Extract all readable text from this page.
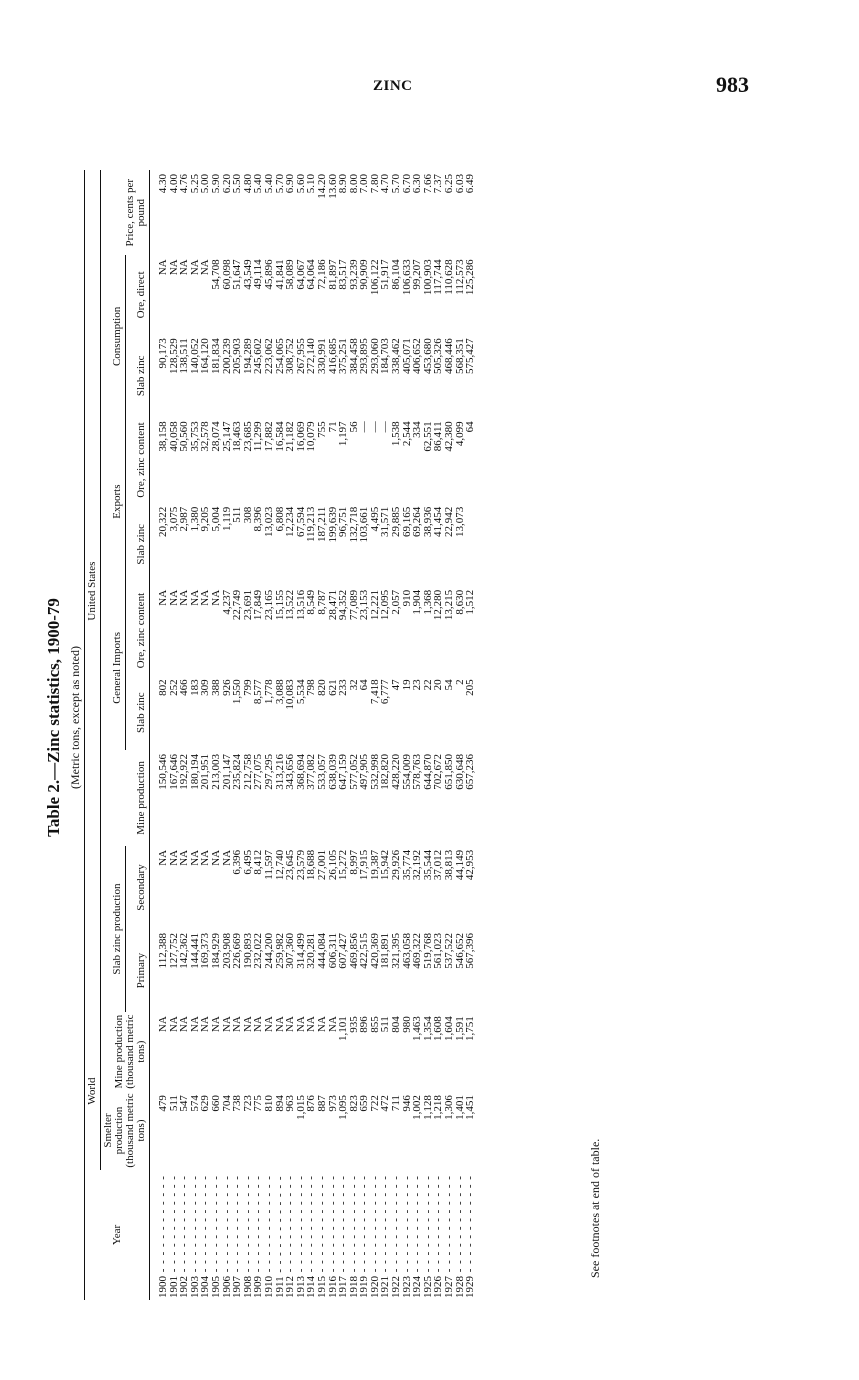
ZINC	983
Table 2.—Zinc statistics, 1900-79 (Metric tons, except as noted)
Year	World		United States									
	Smelter production (thousand metric tons)	Mine production (thousand metric tons)	Slab zinc production		Mine production	General Imports		Exports		Consumption		Price, cents per pound
			Primary	Secondary		Slab zinc	Ore, zinc content	Slab zinc	Ore, zinc content	Slab zinc	Ore, direct	
1900 - - - - - - - - - - - -	479	NA	112,388	NA	150,546	802	NA	20,322	38,158	90,173	NA	4.30
1901 - - - - - - - - - - - -	511	NA	127,752	NA	167,646	252	NA	3,075	40,058	128,529	NA	4.00
1902 - - - - - - - - - - - -	547	NA	142,362	NA	192,922	466	NA	2,987	50,560	138,511	NA	4.76
1903 - - - - - - - - - - - -	574	NA	144,441	NA	180,194	183	NA	1,380	35,753	140,052	NA	5.25
1904 - - - - - - - - - - - -	629	NA	169,373	NA	201,951	309	NA	9,205	32,578	164,120	NA	5.00
1905 - - - - - - - - - - - -	660	NA	184,929	NA	213,003	388	NA	5,004	28,074	181,834	54,708	5.90
1906 - - - - - - - - - - - -	704	NA	203,908	NA	201,147	926	4,237	1,119	25,147	200,239	60,098	6.20
1907 - - - - - - - - - - - -	738	NA	226,669	6,396	235,824	1,550	22,749	511	18,463	205,903	51,647	5.50
1908 - - - - - - - - - - - -	723	NA	190,893	6,495	212,758	799	23,691	308	23,685	194,289	43,549	4.80
1909 - - - - - - - - - - - -	775	NA	232,022	8,412	277,075	8,577	17,849	8,396	11,299	245,602	49,114	5.40
1910 - - - - - - - - - - - -	810	NA	244,200	11,597	297,295	1,778	23,165	13,023	17,882	223,062	45,896	5.40
1911 - - - - - - - - - - - -	894	NA	259,982	12,740	313,216	3,088	15,155	6,808	16,584	254,065	41,841	5.70
1912 - - - - - - - - - - - -	963	NA	307,360	23,645	343,656	10,083	13,522	12,234	21,182	308,752	58,089	6.90
1913 - - - - - - - - - - - -	1,015	NA	314,499	23,579	368,694	5,534	13,516	67,594	16,069	267,955	64,067	5.60
1914 - - - - - - - - - - - -	876	NA	320,281	18,688	377,082	798	8,549	119,213	10,079	272,140	64,064	5.10
1915 - - - - - - - - - - - -	887	NA	444,084	27,001	533,057	820	8,787	187,211	755	330,991	72,186	14.20
1916 - - - - - - - - - - - -	973	NA	606,311	26,105	638,039	621	28,471	199,639	71	416,685	81,897	13.60
1917 - - - - - - - - - - - -	1,095	1,101	607,427	15,272	647,159	233	94,352	96,751	1,197	375,251	83,517	8.90
1918 - - - - - - - - - - - -	823	935	469,856	8,997	577,052	32	77,089	132,718	56	384,458	93,239	8.00
1919 - - - - - - - - - - - -	659	896	422,515	17,915	497,905	64	23,153	103,661	—	293,895	90,909	7.00
1920 - - - - - - - - - - - -	722	855	420,369	19,387	532,998	7,418	12,221	4,495	—	293,060	106,122	7.80
1921 - - - - - - - - - - - -	472	511	181,891	15,942	182,820	6,777	12,095	31,571	—	184,703	51,917	4.70
1922 - - - - - - - - - - - -	711	804	321,395	29,926	428,220	47	2,057	29,885	1,538	338,462	86,104	5.70
1923 - - - - - - - - - - - -	946	980	463,058	35,774	554,009	19	910	69,165	2,544	405,071	106,633	6.70
1924 - - - - - - - - - - - -	1,002	1,463	469,322	32,192	578,763	23	1,904	69,264	334	406,652	99,207	6.30
1925 - - - - - - - - - - - -	1,128	1,354	519,768	35,544	644,870	22	1,368	38,936	62,551	453,680	100,903	7.66
1926 - - - - - - - - - - - -	1,218	1,608	561,023	37,012	702,672	20	12,280	41,454	86,411	505,326	117,744	7.37
1927 - - - - - - - - - - - -	1,306	1,604	537,522	38,813	651,850	54	13,215	22,942	42,380	468,446	110,628	6.25
1928 - - - - - - - - - - - -	1,401	1,591	546,652	44,149	630,648	2	8,630	13,073	4,099	568,351	112,573	6.03
1929 - - - - - - - - - - - -	1,451	1,751	567,396	42,953	657,236	205	1,512		64	575,427	125,286	6.49
See footnotes at end of table.
